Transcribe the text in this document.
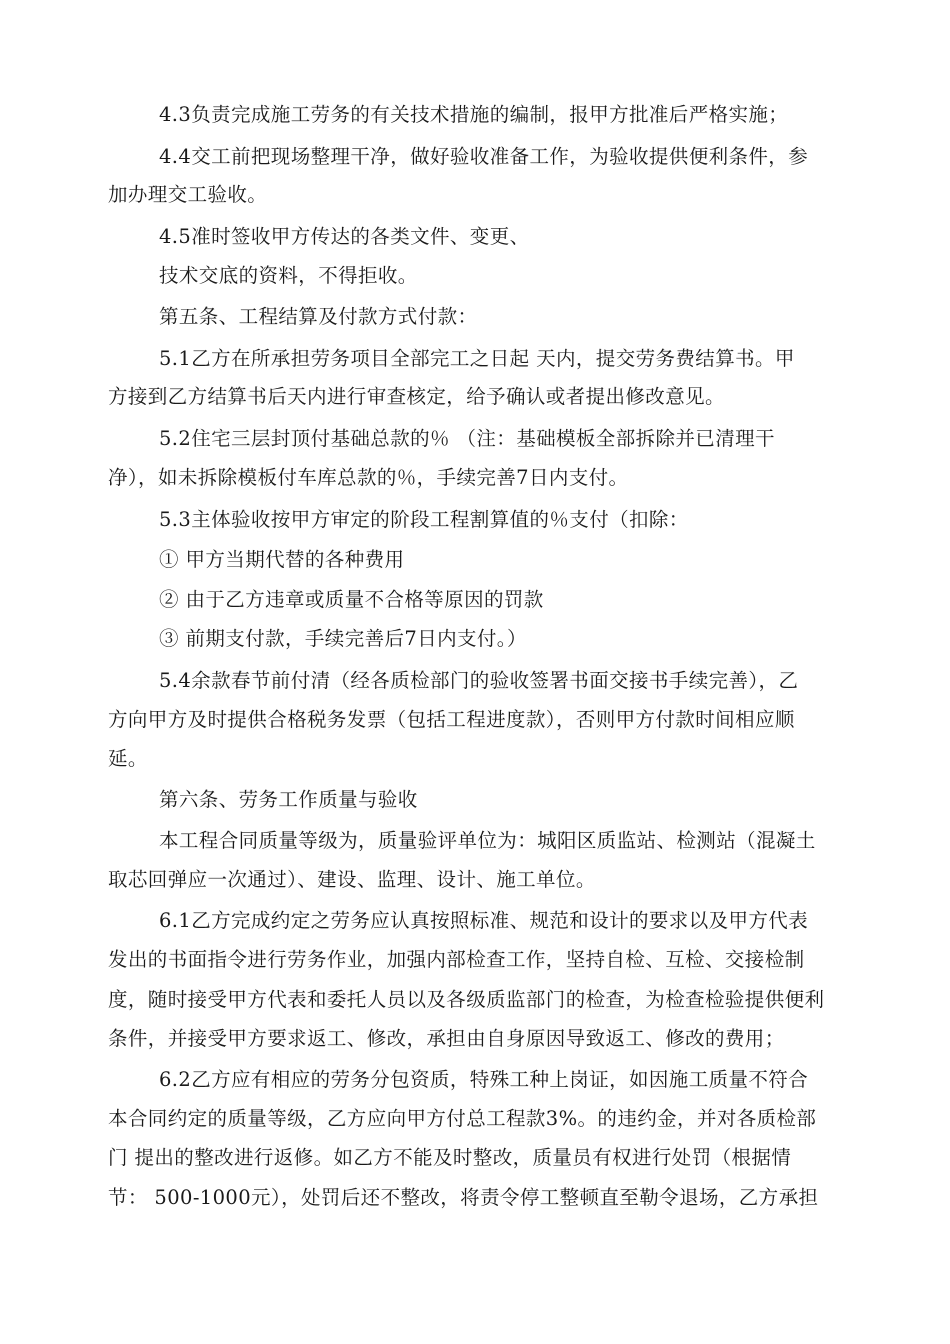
4.3负责完成施工劳务的有关技术措施的编制，报甲方批准后严格实施；
4.4交工前把现场整理干净，做好验收准备工作，为验收提供便利条件，参
加办理交工验收。
4.5准时签收甲方传达的各类文件、变更、
技术交底的资料，不得拒收。
第五条、工程结算及付款方式付款：
5.1乙方在所承担劳务项目全部完工之日起 天内，提交劳务费结算书。甲
方接到乙方结算书后天内进行审查核定，给予确认或者提出修改意见。
5.2住宅三层封顶付基础总款的％ （注：基础模板全部拆除并已清理干
净），如未拆除模板付车库总款的％，手续完善7日内支付。
5.3主体验收按甲方审定的阶段工程割算值的％支付（扣除：
① 甲方当期代替的各种费用
② 由于乙方违章或质量不合格等原因的罚款
③ 前期支付款，手续完善后7日内支付。）
5.4余款春节前付清（经各质检部门的验收签署书面交接书手续完善），乙
方向甲方及时提供合格税务发票（包括工程进度款），否则甲方付款时间相应顺
延。
第六条、劳务工作质量与验收
本工程合同质量等级为，质量验评单位为：城阳区质监站、检测站（混凝土
取芯回弹应一次通过）、建设、监理、设计、施工单位。
6.1乙方完成约定之劳务应认真按照标准、规范和设计的要求以及甲方代表
发出的书面指令进行劳务作业，加强内部检查工作，坚持自检、互检、交接检制
度，随时接受甲方代表和委托人员以及各级质监部门的检查，为检查检验提供便利
条件，并接受甲方要求返工、修改，承担由自身原因导致返工、修改的费用；
6.2乙方应有相应的劳务分包资质，特殊工种上岗证，如因施工质量不符合
本合同约定的质量等级，乙方应向甲方付总工程款3%。的违约金，并对各质检部
门 提出的整改进行返修。如乙方不能及时整改，质量员有权进行处罚（根据情
节： 500-1000元），处罚后还不整改，将责令停工整顿直至勒令退场，乙方承担
